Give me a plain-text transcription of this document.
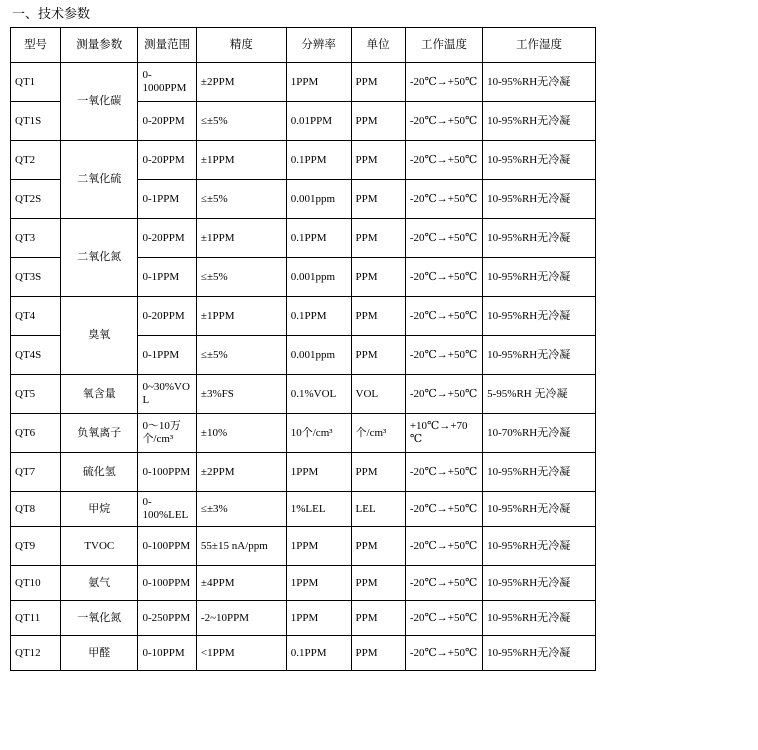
一、技术参数
型号	测量参数	测量范围	精度	分辨率	单位	工作温度	工作湿度
QT1	一氧化碳	0-1000PPM	±2PPM	1PPM	PPM	-20℃→+50℃	10-95%RH无冷凝
QT1S		0-20PPM	≤±5%	0.01PPM	PPM	-20℃→+50℃	10-95%RH无冷凝
QT2	二氧化硫	0-20PPM	±1PPM	0.1PPM	PPM	-20℃→+50℃	10-95%RH无冷凝
QT2S		0-1PPM	≤±5%	0.001ppm	PPM	-20℃→+50℃	10-95%RH无冷凝
QT3	二氧化氮	0-20PPM	±1PPM	0.1PPM	PPM	-20℃→+50℃	10-95%RH无冷凝
QT3S		0-1PPM	≤±5%	0.001ppm	PPM	-20℃→+50℃	10-95%RH无冷凝
QT4	臭氧	0-20PPM	±1PPM	0.1PPM	PPM	-20℃→+50℃	10-95%RH无冷凝
QT4S		0-1PPM	≤±5%	0.001ppm	PPM	-20℃→+50℃	10-95%RH无冷凝
QT5	氧含量	0~30%VOL	±3%FS	0.1%VOL	VOL	-20℃→+50℃	5-95%RH 无冷凝
QT6	负氧离子	0～10万 个/cm³	±10%	10个/cm³	个/cm³	+10℃→+70℃	10-70%RH无冷凝
QT7	硫化氢	0-100PPM	±2PPM	1PPM	PPM	-20℃→+50℃	10-95%RH无冷凝
QT8	甲烷	0-100%LEL	≤±3%	1%LEL	LEL	-20℃→+50℃	10-95%RH无冷凝
QT9	TVOC	0-100PPM	55±15 nA/ppm	1PPM	PPM	-20℃→+50℃	10-95%RH无冷凝
QT10	氨气	0-100PPM	±4PPM	1PPM	PPM	-20℃→+50℃	10-95%RH无冷凝
QT11	一氧化氮	0-250PPM	-2~10PPM	1PPM	PPM	-20℃→+50℃	10-95%RH无冷凝
QT12	甲醛	0-10PPM	<1PPM	0.1PPM	PPM	-20℃→+50℃	10-95%RH无冷凝
